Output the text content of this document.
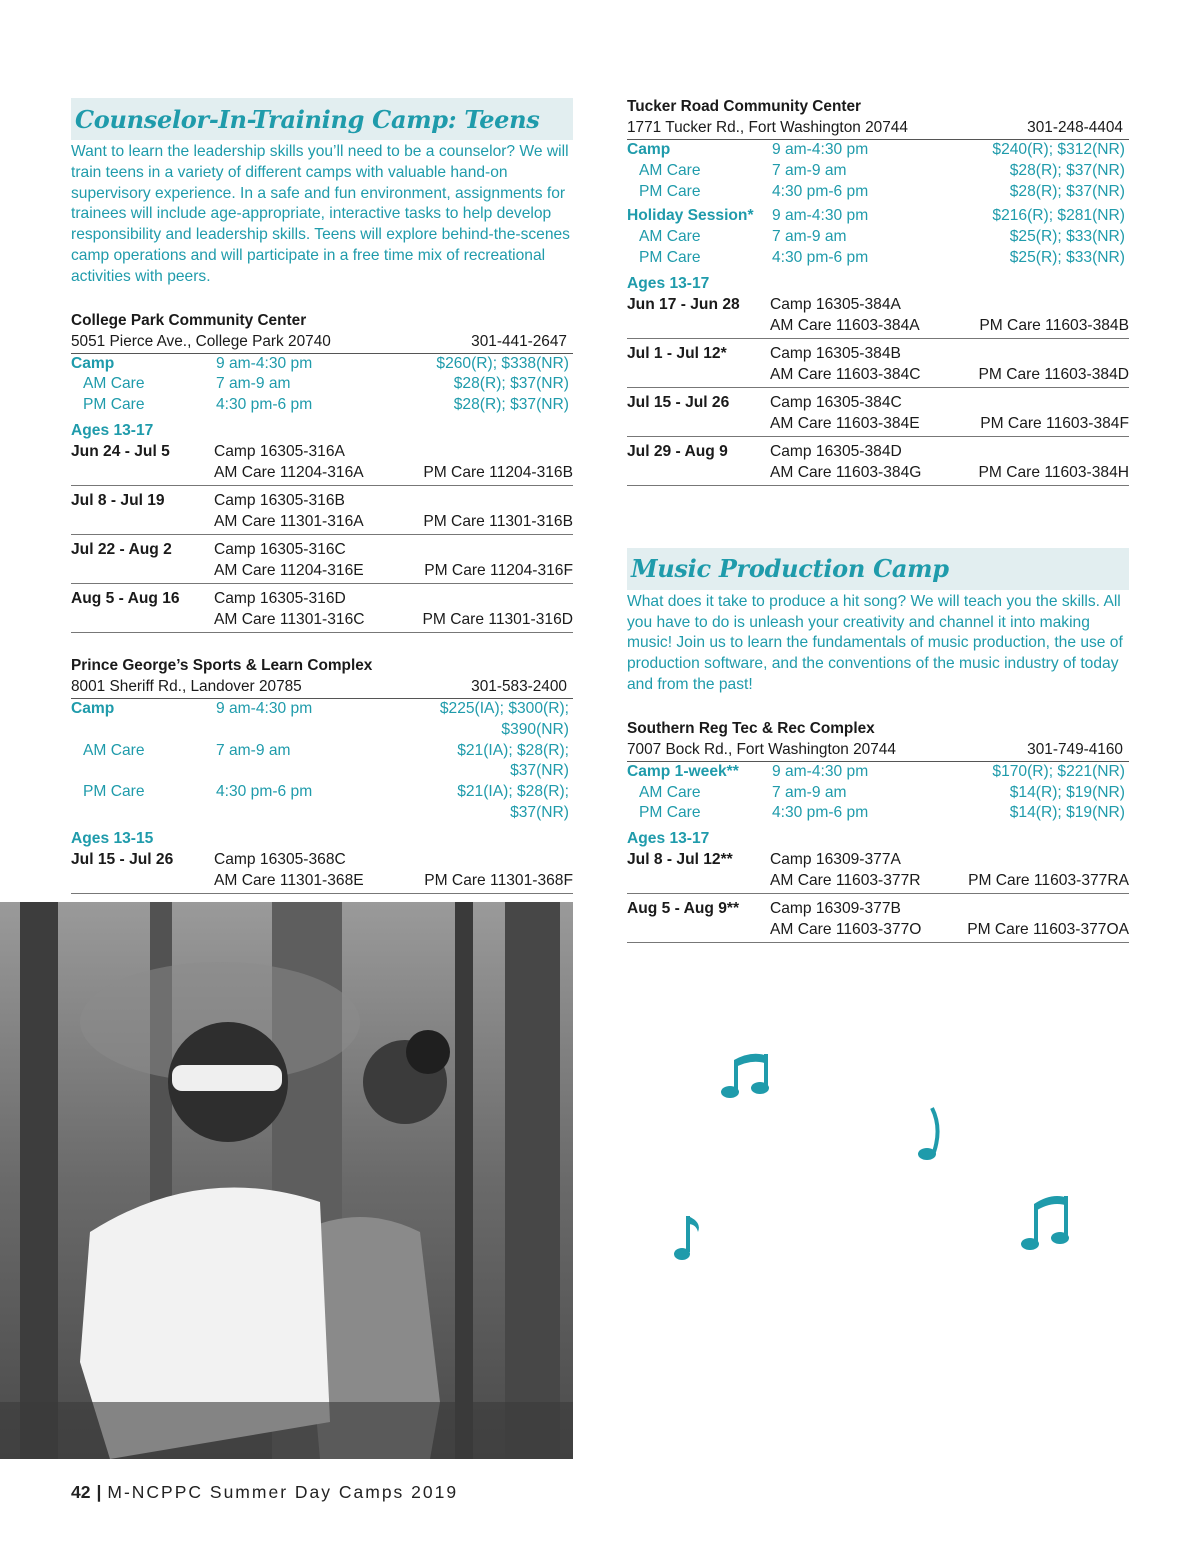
Counselor-In-Training Camp: Teens
Want to learn the leadership skills you’ll need to be a counselor? We will train teens in a variety of different camps with valuable hand-on supervisory experience. In a safe and fun environment, assignments for trainees will include age-appropriate, interactive tasks to help develop responsibility and leadership skills. Teens will explore behind-the-scenes camp operations and will participate in a free time mix of recreational activities with peers.
College Park Community Center
5051 Pierce Ave., College Park 20740	301-441-2647
Camp	9 am-4:30 pm	$260(R); $338(NR)
AM Care	7 am-9 am	$28(R); $37(NR)
PM Care	4:30 pm-6 pm	$28(R); $37(NR)
Ages 13-17
Jun 24 - Jul 5	Camp 16305-316A
AM Care 11204-316A	PM Care 11204-316B
Jul 8 - Jul 19	Camp 16305-316B
AM Care 11301-316A	PM Care 11301-316B
Jul 22 - Aug 2	Camp 16305-316C
AM Care 11204-316E	PM Care 11204-316F
Aug 5 - Aug 16	Camp 16305-316D
AM Care 11301-316C	PM Care 11301-316D
Prince George’s Sports & Learn Complex
8001 Sheriff Rd., Landover 20785	301-583-2400
Camp	9 am-4:30 pm	$225(IA); $300(R); $390(NR)
AM Care	7 am-9 am	$21(IA); $28(R); $37(NR)
PM Care	4:30 pm-6 pm	$21(IA); $28(R); $37(NR)
Ages 13-15
Jul 15 - Jul 26	Camp 16305-368C
AM Care 11301-368E	PM Care 11301-368F
Tucker Road Community Center
1771 Tucker Rd., Fort Washington 20744	301-248-4404
Camp	9 am-4:30 pm	$240(R); $312(NR)
AM Care	7 am-9 am	$28(R); $37(NR)
PM Care	4:30 pm-6 pm	$28(R); $37(NR)
Holiday Session*	9 am-4:30 pm	$216(R); $281(NR)
AM Care	7 am-9 am	$25(R); $33(NR)
PM Care	4:30 pm-6 pm	$25(R); $33(NR)
Ages 13-17
Jun 17 - Jun 28	Camp 16305-384A
AM Care 11603-384A	PM Care 11603-384B
Jul 1 - Jul 12*	Camp 16305-384B
AM Care 11603-384C	PM Care 11603-384D
Jul 15 - Jul 26	Camp 16305-384C
AM Care 11603-384E	PM Care 11603-384F
Jul 29 - Aug 9	Camp 16305-384D
AM Care 11603-384G	PM Care 11603-384H
Music Production Camp
What does it take to produce a hit song? We will teach you the skills. All you have to do is unleash your creativity and channel it into making music! Join us to learn the fundamentals of music production, the use of production software, and the conventions of the music industry of today and from the past!
Southern Reg Tec & Rec Complex
7007 Bock Rd., Fort Washington 20744	301-749-4160
Camp 1-week**	9 am-4:30 pm	$170(R); $221(NR)
AM Care	7 am-9 am	$14(R); $19(NR)
PM Care	4:30 pm-6 pm	$14(R); $19(NR)
Ages 13-17
Jul 8 - Jul 12**	Camp 16309-377A
AM Care 11603-377R	PM Care 11603-377RA
Aug 5 - Aug 9**	Camp 16309-377B
AM Care 11603-377O	PM Care 11603-377OA
42 | M-NCPPC Summer Day Camps 2019
